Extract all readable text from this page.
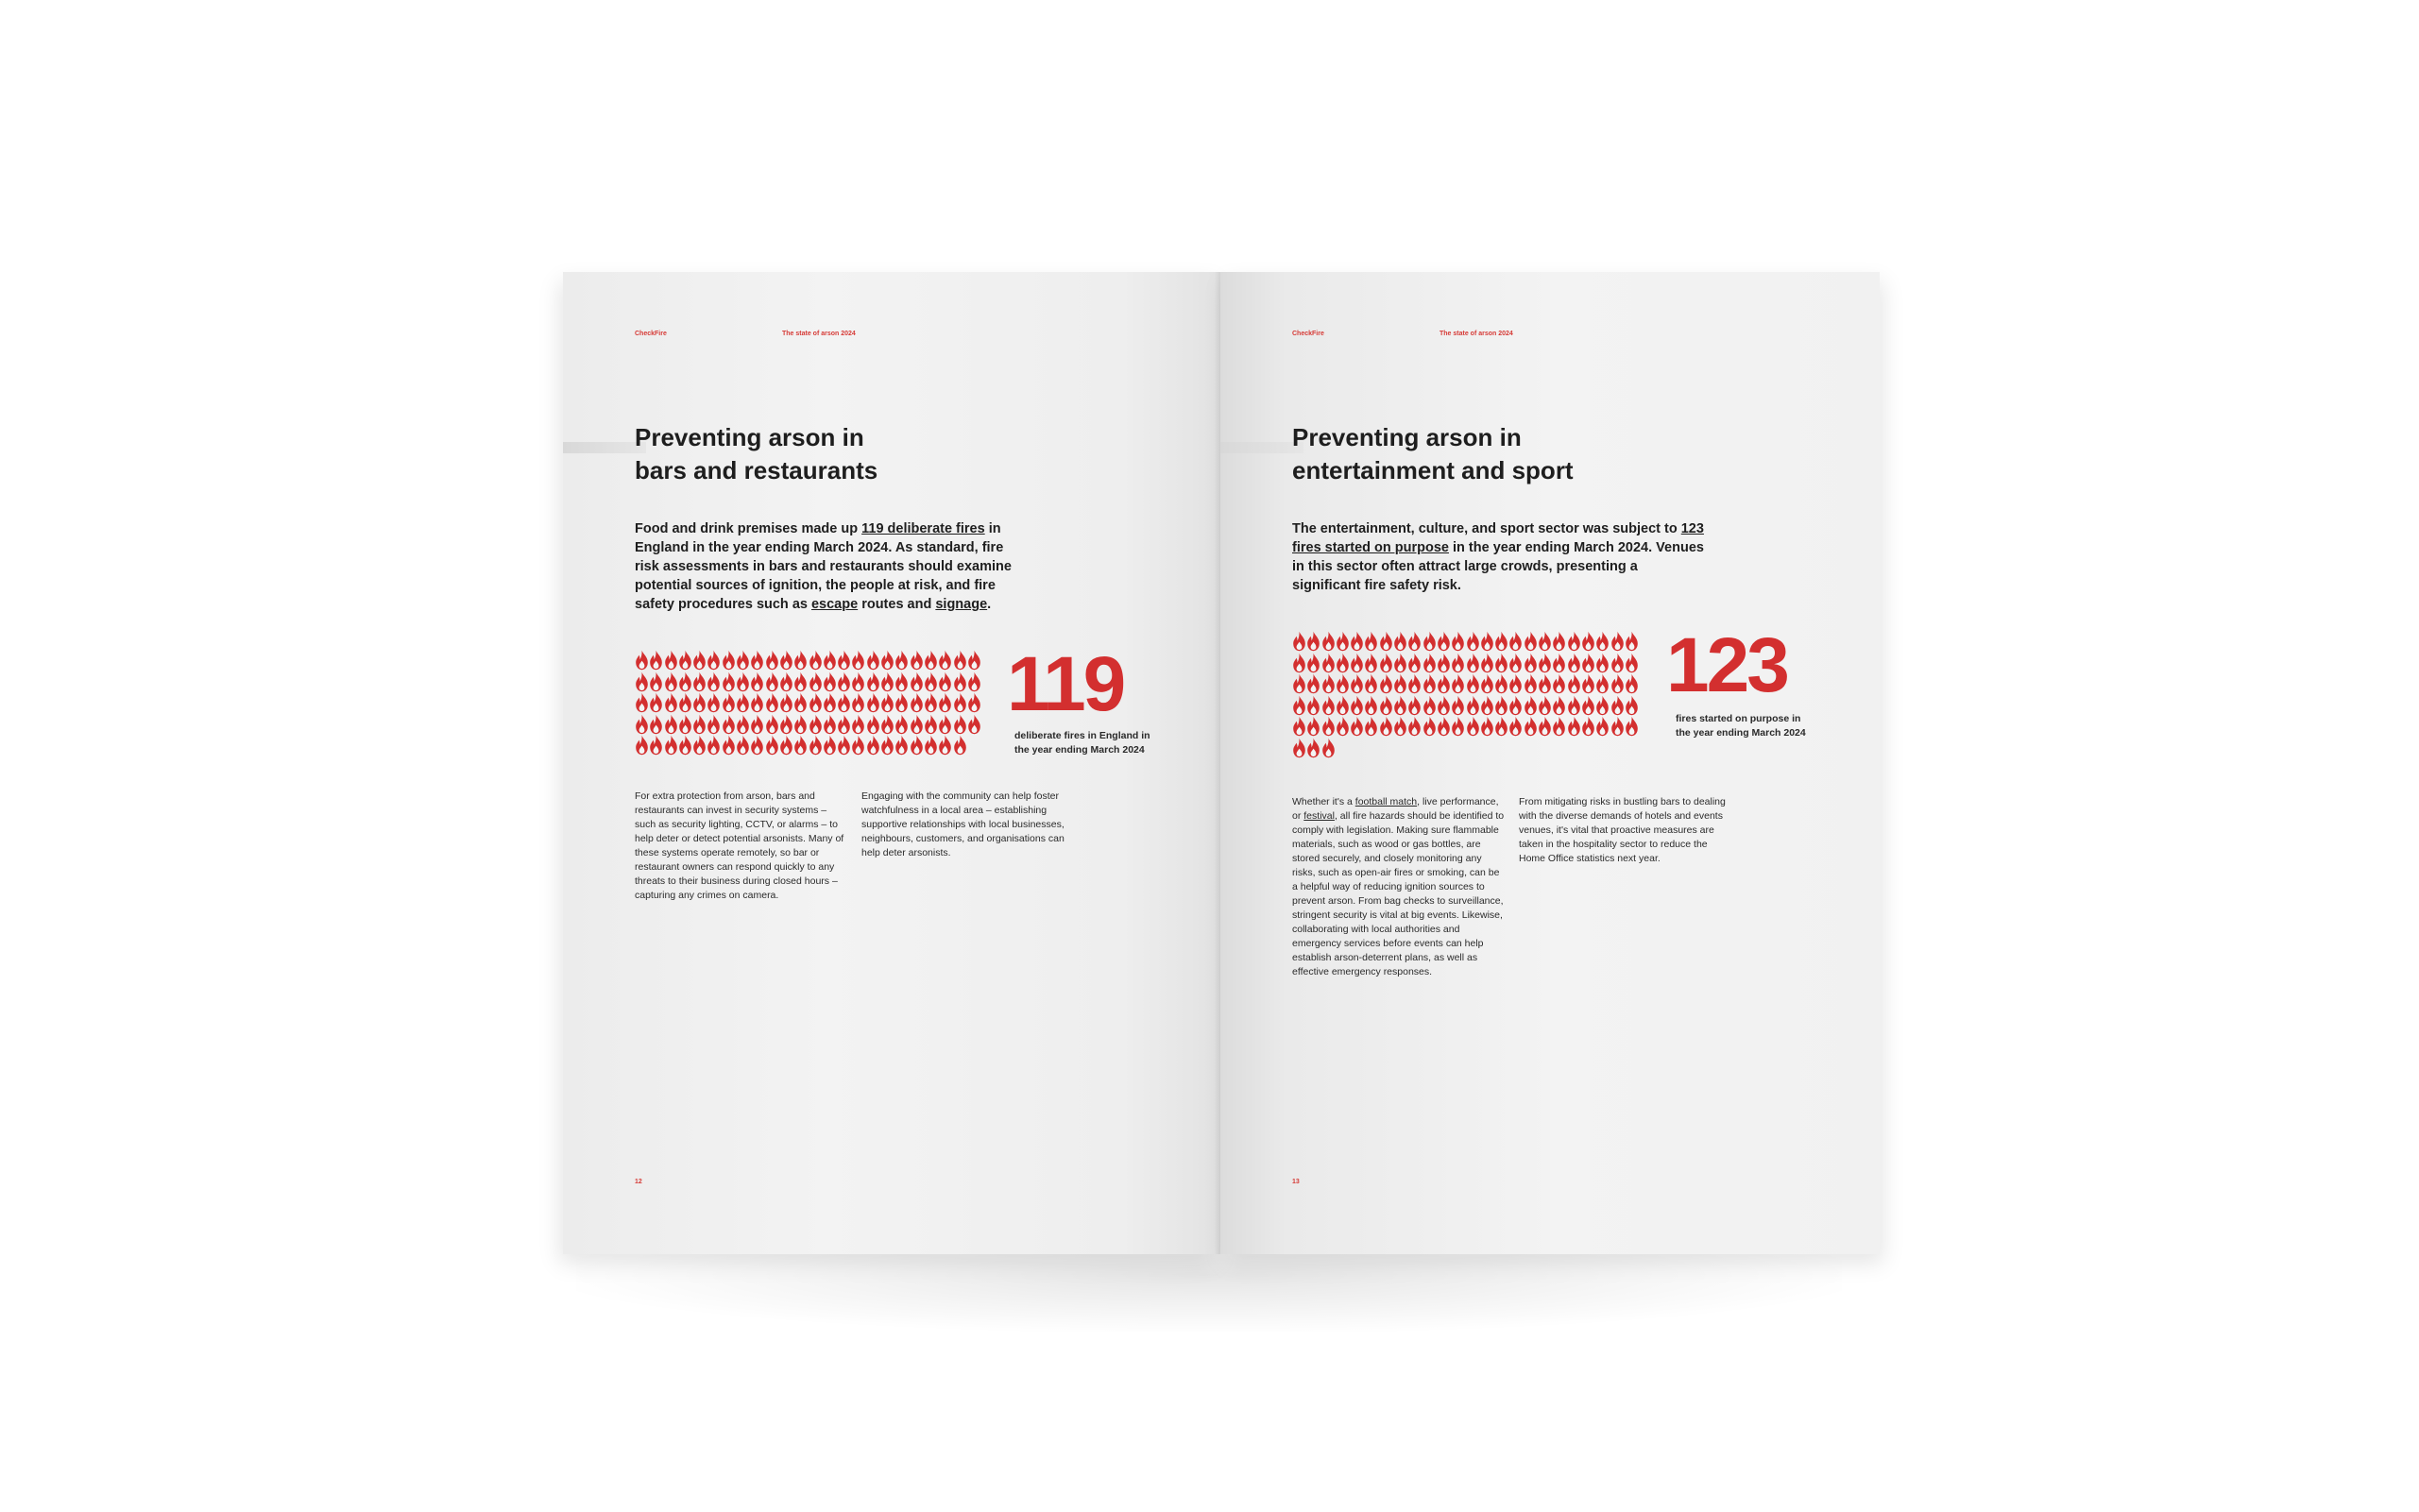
CheckFire	The state of arson 2024
Preventing arson in
bars and restaurants
Food and drink premises made up 119 deliberate fires in England in the year ending March 2024. As standard, fire risk assessments in bars and restaurants should examine potential sources of ignition, the people at risk, and fire safety procedures such as escape routes and signage.
119
deliberate fires in England in the year ending March 2024
For extra protection from arson, bars and restaurants can invest in security systems – such as security lighting, CCTV, or alarms – to help deter or detect potential arsonists. Many of these systems operate remotely, so bar or restaurant owners can respond quickly to any threats to their business during closed hours – capturing any crimes on camera.
Engaging with the community can help foster watchfulness in a local area – establishing supportive relationships with local businesses, neighbours, customers, and organisations can help deter arsonists.
12
CheckFire	The state of arson 2024
Preventing arson in
entertainment and sport
The entertainment, culture, and sport sector was subject to 123 fires started on purpose in the year ending March 2024. Venues in this sector often attract large crowds, presenting a significant fire safety risk.
123
fires started on purpose in the year ending March 2024
Whether it's a football match, live performance, or festival, all fire hazards should be identified to comply with legislation. Making sure flammable materials, such as wood or gas bottles, are stored securely, and closely monitoring any risks, such as open-air fires or smoking, can be a helpful way of reducing ignition sources to prevent arson. From bag checks to surveillance, stringent security is vital at big events. Likewise, collaborating with local authorities and emergency services before events can help establish arson-deterrent plans, as well as effective emergency responses.
From mitigating risks in bustling bars to dealing with the diverse demands of hotels and events venues, it's vital that proactive measures are taken in the hospitality sector to reduce the Home Office statistics next year.
13
